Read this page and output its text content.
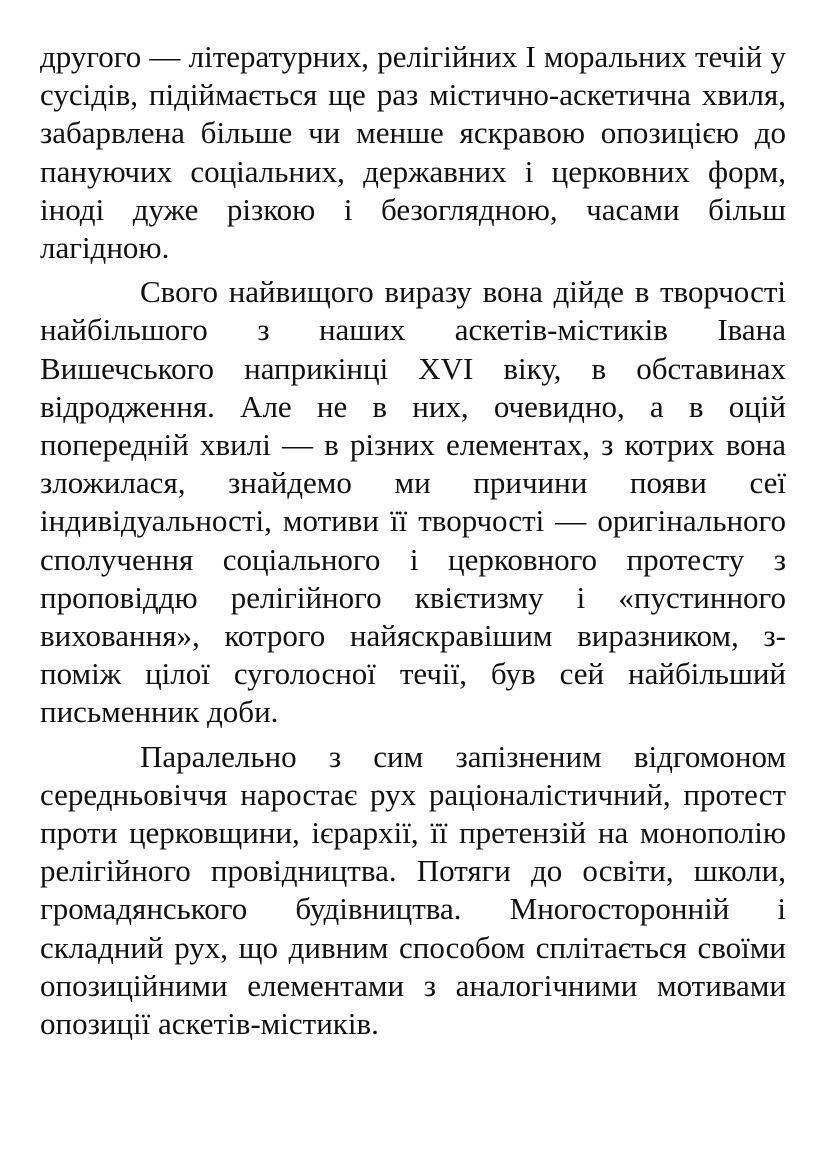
другого — літературних, релігійних І моральних течій у сусідів, підіймається ще раз містично-аскетична хвиля, забарвлена більше чи менше яскравою опозицією до пануючих соціальних, державних і церковних форм, іноді дуже різкою і безоглядною, часами більш лагідною.

Свого найвищого виразу вона дійде в творчості найбільшого з наших аскетів-містиків Івана Вишечського наприкінці XVI віку, в обставинах відродження. Але не в них, очевидно, а в оцій попередній хвилі — в різних елементах, з котрих вона зложилася, знайдемо ми причини появи сеї індивідуальності, мотиви її творчості — оригінального сполучення соціального і церковного протесту з проповіддю релігійного квієтизму і «пустинного виховання», котрого найяскравішим виразником, з-поміж цілої суголосної течії, був сей найбільший письменник доби.

Паралельно з сим запізненим відгомоном середньовіччя наростає рух раціоналістичний, протест проти церковщини, ієрархії, її претензій на монополію релігійного провідництва. Потяги до освіти, школи, громадянського будівництва. Многосторонній і складний рух, що дивним способом сплітається своїми опозиційними елементами з аналогічними мотивами опозиції аскетів-містиків.
